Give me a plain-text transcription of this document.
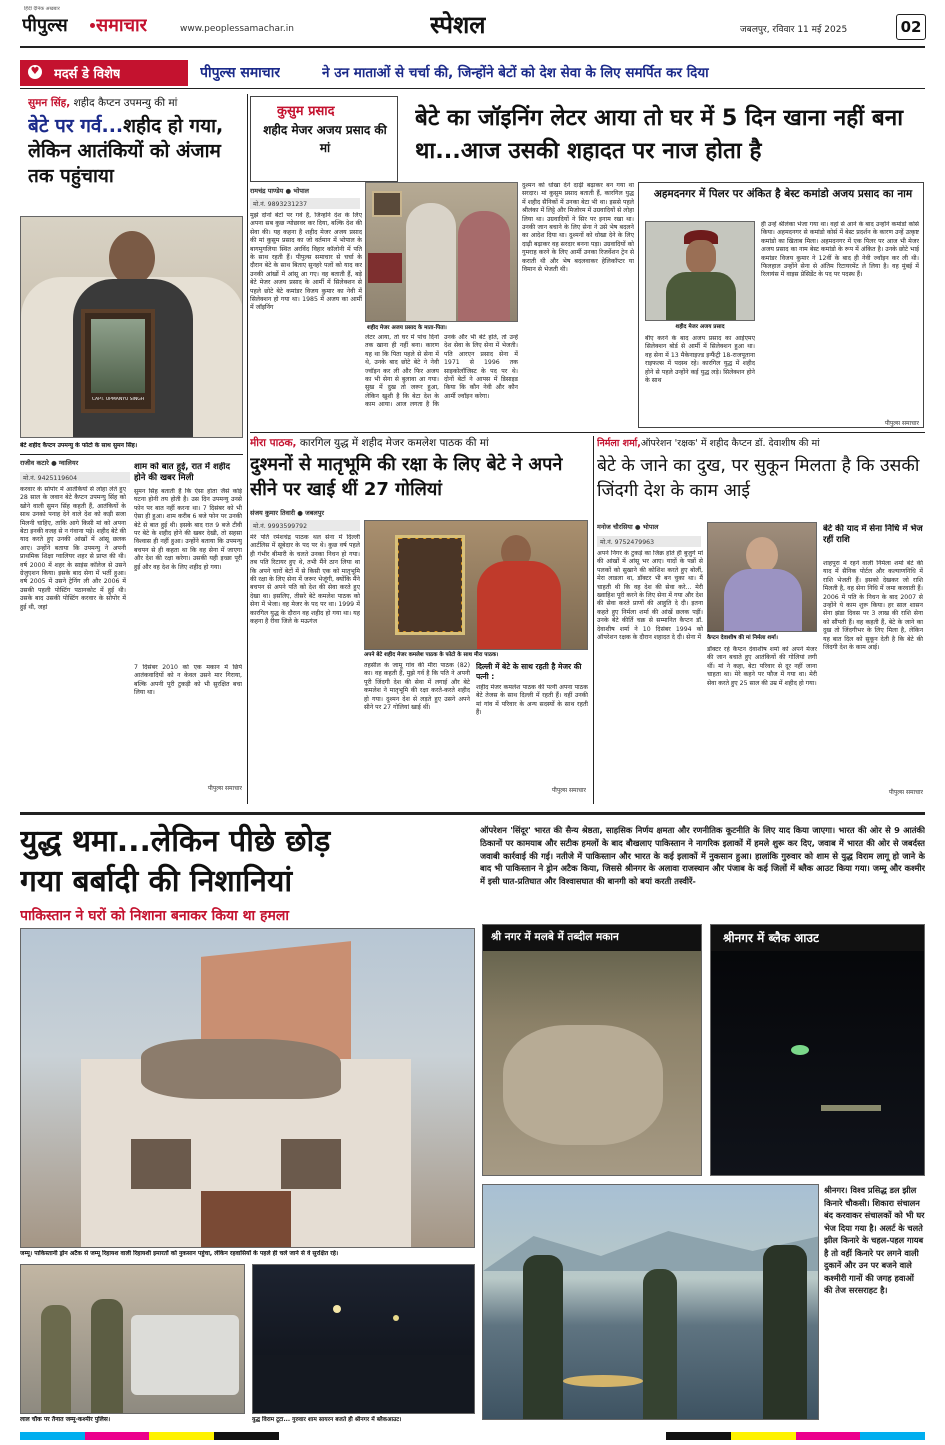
हिंदी दैनिक अखबार
पीपुल्स समाचार	www.peoplessamachar.in	स्पेशल	जबलपुर, रविवार 11 मई 2025	02
♥ मदर्स डे विशेष	पीपुल्स समाचार	ने उन माताओं से चर्चा की, जिन्होंने बेटों को देश सेवा के लिए समर्पित कर दिया
सुमन सिंह, शहीद कैप्टन उपमन्यु की मां
बेटे पर गर्व...शहीद हो गया, लेकिन आतंकियों को अंजाम तक पहुंचाया
CAPT. UPMANYU SINGH
बेटे शहीद कैप्टन उपमन्यु के फोटो के साथ सुमन सिंह।
राजीव कटारे ● ग्वालियर
मो.नं. 9425119604
करवार के सोपोर में आतंकियों से लोहा लेते हुए 28 साल के जवान बेटे कैप्टन उपमन्यु सिंह को खोने वाली सुमन सिंह कहती हैं, आतंकियों के साथ उनको पनाह देने वाले देश को कड़ी सजा मिलनी चाहिए, ताकि आगे किसी मां को अपना बेटा इनकी वजह से न गंवाना पड़े। शहीद बेटे की याद करते हुए उनकी आंखों में आंसू छलक आए। उन्होंने बताया कि उपमन्यु ने अपनी प्राथमिक शिक्षा ग्वालियर शहर से प्राप्त की थी। वर्ष 2000 में शहर के साइंस कॉलेज से उसने ग्रेजुएशन किया। इसके बाद सेना में भर्ती हुआ। वर्ष 2005 में उसने ट्रेनिंग ली और 2006 में उसकी पहली पोस्टिंग पठानकोट में हुई थी। उसके बाद उसकी पोस्टिंग करवार के सोपोर में हुई थी, जहां
शाम को बात हुई, रात में शहीद होने की खबर मिली
सुमन सिंह बताती हैं कि ऐसा होता जैसे कोई घटना होनी तय होती है। उस दिन उपमन्यु उनसे फोन पर बात नहीं करना था। 7 दिसंबर को भी ऐसा ही हुआ। शाम करीब 6 बजे फोन पर उनकी बेटे से बात हुई थी। इसके बाद रात 9 बजे टीवी पर बेटे के शहीद होने की खबर देखी, तो सहसा विश्वास ही नहीं हुआ। उन्होंने बताया कि उपमन्यु बचपन से ही कहता था कि वह सेना में जाएगा और देश की रक्षा करेगा। उसकी यही इच्छा पूरी हुई और वह देश के लिए शहीद हो गया।
7 दिसंबर 2010 को एक मकान में छिपे आतंकवादियों को न केवल उसने मार गिराया, बल्कि अपनी पूरी टुकड़ी को भी सुरक्षित बचा लिया था।
पीपुल्स समाचार
कुसुम प्रसाद
शहीद मेजर अजय प्रसाद की मां
बेटे का जॉइनिंग लेटर आया तो घर में 5 दिन खाना नहीं बना था...आज उसकी शहादत पर नाज होता है
रामचंद्र पाण्डेय ● भोपाल
मो.नं. 9893231237
मुझे दोनों बेटों पर गर्व है, जिन्होंने देश के लिए अपना सब कुछ न्योछावर कर दिया, बल्कि देश की सेवा की। यह कहना है शहीद मेजर अजय प्रसाद की मां कुसुम प्रसाद का जो वर्तमान में भोपाल के बागमुगलिया स्थित अरविंद विहार कॉलोनी में पति के साथ रहती हैं। पीपुल्स समाचार से चर्चा के दौरान बेटे के साथ बिताए सुनहरे पलों को याद कर उनकी आंखों में आंसू आ गए। वह बताती हैं, बड़े बेटे मेजर अजय प्रसाद के आर्मी में सिलेक्शन से पहले छोटे बेटे कमांडर विजय कुमार का नेवी में सिलेक्शन हो गया था। 1985 में अजय का आर्मी में जॉइनिंग
शहीद मेजर अजय प्रसाद के माता-पिता।
लेटर आया, तो घर में पांच दिनों तक खाना ही नहीं बना। कारण यह था कि पिता पहले से सेना में थे, उनके बाद छोटे बेटे ने नेवी ज्वॉइन कर ली और फिर अजय का भी सेना से बुलावा आ गया। सुख में दुख तो जरूर हुआ, लेकिन खुशी है कि बेटा देश के काम आया। आज लगता है कि उनके और भी बेटे होते, तो उन्हें देश सेवा के लिए सेना में भेजती। पति आरएन प्रसाद सेना में 1971 से 1996 तक साइकोलॉजिस्ट के पद पर थे। दोनों बेटों ने आपस में डिसाइड किया कि कौन नेवी और कौन आर्मी ज्वॉइन करेगा।
दुश्मन को धोखा देने दाढ़ी बढ़ाकर बन गया था सरदार। मां कुसुम प्रसाद बताती हैं, कारगिल युद्ध में शहीद सैनिकों में उनका बेटा भी था। इससे पहले श्रीलंका में लिट्टे और मिजोरम में उग्रवादियों से लोहा लिया था। उग्रवादियों ने सिर पर इनाम रखा था। उनकी जान बचाने के लिए सेना ने उसे भेष बदलने का आदेश दिया था। दुश्मनों को धोखा देने के लिए दाढ़ी बढ़ाकर वह सरदार बनना पड़ा। उग्रवादियों को गुमराह करने के लिए आर्मी उनका रिजर्वेशन ट्रेन से कराती थी और भेष बदलवाकर हेलिकॉप्टर या विमान से भेजती थी।
अहमदनगर में पिलर पर अंकित है बेस्ट कमांडो अजय प्रसाद का नाम
शहीद मेजर अजय प्रसाद
बीए करने के बाद अजय प्रसाद का आईएमए सिलेक्शन बोर्ड से आर्मी में सिलेक्शन हुआ था। वह सेना में 13 मैकेनाइज्ड इन्फैंट्री 18-राजपूताना राइफल्स में पदस्थ रहे। कारगिल युद्ध में शहीद होने से पहले उन्होंने कई युद्ध लड़े। सिलेक्शन होने के साथ
ही उन्हें श्रीलंका भेजा गया था। वहां से आने के बाद उन्होंने कमांडो कोर्स किया। अहमदनगर से कमांडो कोर्स में बेस्ट प्रदर्शन के कारण उन्हें उत्कृष्ट कमांडो का खिताब मिला। अहमदनगर में एक पिलर पर आज भी मेजर अजय प्रसाद का नाम बेस्ट कमांडो के रूप में अंकित है। उनके छोटे भाई कमांडर विजय कुमार ने 12वीं के बाद ही नेवी ज्वॉइन कर ली थी। फिलहाल उन्होंने सेना से अंतिम रिटायरमेंट ले लिया है। वह मुंबई में रिलायंस में वाइस प्रेसिडेंट के पद पर पदस्थ हैं।
पीपुल्स समाचार
मीरा पाठक, कारगिल युद्ध में शहीद मेजर कमलेश पाठक की मां
दुश्मनों से मातृभूमि की रक्षा के लिए बेटे ने अपने सीने पर खाई थीं 27 गोलियां
संजय कुमार तिवारी ● जबलपुर
मो.नं. 9993599792
मेरे पति रमेशचंद्र पाठक थल सेना में दिल्ली आर्टलिस में सूबेदार के पद पर थे। कुछ वर्ष पहले ही गंभीर बीमारी के चलते उनका निधन हो गया। तब पति रिटायर हुए थे, तभी मैंने ठान लिया था कि अपने चारों बेटों में से किसी एक को मातृभूमि की रक्षा के लिए सेना में जरूर भेजूंगी, क्योंकि मैंने बचपन से अपने पति को देश की सेवा करते हुए देखा था। इसलिए, तीसरे बेटे कमलेश पाठक को सेना में भेजा। वह मेजर के पद पर था। 1999 में कारगिल युद्ध के दौरान वह शहीद हो गया था। यह कहना है रीवा जिले के मऊगंज
अपने बेटे शहीद मेजर कमलेश पाठक के फोटो के साथ मीरा पाठक।
तहसील के जामू गांव की मीरा पाठक (82) का। वह कहती हैं, मुझे गर्व है कि पति ने अपनी पूरी जिंदगी देश की सेवा में लगाई और बेटे कमलेश ने मातृभूमि की रक्षा करते-करते शहीद हो गया। दुश्मन देश से लड़ते हुए उसने अपने सीने पर 27 गोलियां खाई थीं।
दिल्ली में बेटे के साथ रहती है मेजर की पत्नी :
शहीद मेजर कमलेश पाठक की पत्नी अपना पाठक बेटे तेजस के साथ दिल्ली में रहती हैं। वहीं उनकी मां गांव में परिवार के अन्य सदस्यों के साथ रहती हैं।
पीपुल्स समाचार
निर्मला शर्मा,ऑपरेशन 'रक्षक' में शहीद कैप्टन डॉ. देवाशीष की मां
बेटे के जाने का दुख, पर सुकून मिलता है कि उसकी जिंदगी देश के काम आई
मनोज चौरसिया ● भोपाल
मो.नं. 9752479963
अपने निगर के टुकड़े का जिक्र होते ही बुजुर्ग मां की आंखों में आंसू भर आए। यादों के पन्नों से पलकों को सुखाने की कोशिश करते हुए बोलीं, मेरा लाडला था, डॉक्टर भी बन चुका था। मैं चाहती थी कि वह देश की सेवा करे... मेरी ख्वाहिश पूरी करने के लिए सेना में गया और देश की सेवा करते प्राणों की आहुति दे दी। इतना कहते हुए निर्मला शर्मा की आंखें छलक पड़ीं। उनके बेटे कीर्ति चक्र से सम्मानित कैप्टन डॉ. देवाशीष शर्मा ने 10 दिसंबर 1994 को ऑपरेशन रक्षक के दौरान शहादत दे दी। सेना में	कैप्टन देवाशीष की मां निर्मला शर्मा।
डॉक्टर रहे कैप्टन देवाशीष शर्मा को अपने मेजर की जान बचाते हुए आतंकियों की गोलियां लगी थीं। मां ने कहा, बेटा परिवार से दूर नहीं जाना चाहता था। मेरे कहने पर फौज में गया था। मेरी सेवा करते हुए 25 साल की उम्र में शहीद हो गया।
बेटे की याद में सेना निधि में भेज रहीं राशि
शाहपुरा में रहने वाली निर्मला शर्मा बेटे की याद में सैनिक पोर्टल और कल्याणनिधि में राशि भेजती हैं। इसको देखकर जो राशि मिलती है, वह सेना निधि में जमा करवाती हैं। 2006 में पति के निधन के बाद 2007 से उन्होंने ये काम शुरू किया। हर साल शासन सेना झंडा दिवस पर 3 लाख की राशि सेना को सौंपती हैं। वह कहती हैं, बेटे के जाने का दुख तो जिंदगीभर के लिए मिला है, लेकिन यह बात दिल को सुकून देती है कि बेटे की जिंदगी देश के काम आई।
पीपुल्स समाचार
युद्ध थमा...लेकिन पीछे छोड़
गया बर्बादी की निशानियां
पाकिस्तान ने घरों को निशाना बनाकर किया था हमला
ऑपरेशन 'सिंदूर' भारत की सैन्य श्रेष्ठता, साहसिक निर्णय क्षमता और रणनीतिक कूटनीति के लिए याद किया जाएगा। भारत की ओर से 9 आतंकी ठिकानों पर कामयाब और सटीक हमलों के बाद बौखलाए पाकिस्तान ने नागरिक इलाकों में हमले शुरू कर दिए, जवाब में भारत की ओर से जबर्दस्त जवाबी कार्रवाई की गई। नतीजे में पाकिस्तान और भारत के कई इलाकों में नुकसान हुआ। हालांकि गुरुवार को शाम से युद्ध विराम लागू हो जाने के बाद भी पाकिस्तान ने ड्रोन अटैक किया, जिससे श्रीनगर के अलावा राजस्थान और पंजाब के कई जिलों में ब्लैक आउट किया गया। जम्मू और कश्मीर में इसी घात-प्रतिघात और विश्वासघात की बानगी को बयां करती तस्वीरें-
जम्मू। पाकिस्तानी ड्रोन अटैक से जम्मू रिहायश वाली रिहायशी इमारतों को नुकसान पहुंचा, लेकिन रहवासियों के पहले ही चले जाने से वे सुरक्षित रहे।
लाल चौक पर तैनात जम्मू-कश्मीर पुलिस।	युद्ध विराम टूटा... गुरुवार शाम सायरन बजते ही श्रीनगर में ब्लैकआउट।
श्री नगर में मलबे में तब्दील मकान	श्रीनगर में ब्लैक आउट
श्रीनगर। विश्व प्रसिद्ध डल झील किनारे चौकसी। शिकारा संचालन बंद करवाकर संचालकों को भी घर भेज दिया गया है। अलर्ट के चलते झील किनारे के चहल-पहल गायब है तो वहीं किनारे पर लगने वाली दुकानें और उन पर बजने वाले कश्मीरी गानों की जगह हवाओं की तेज सरसराहट है।
